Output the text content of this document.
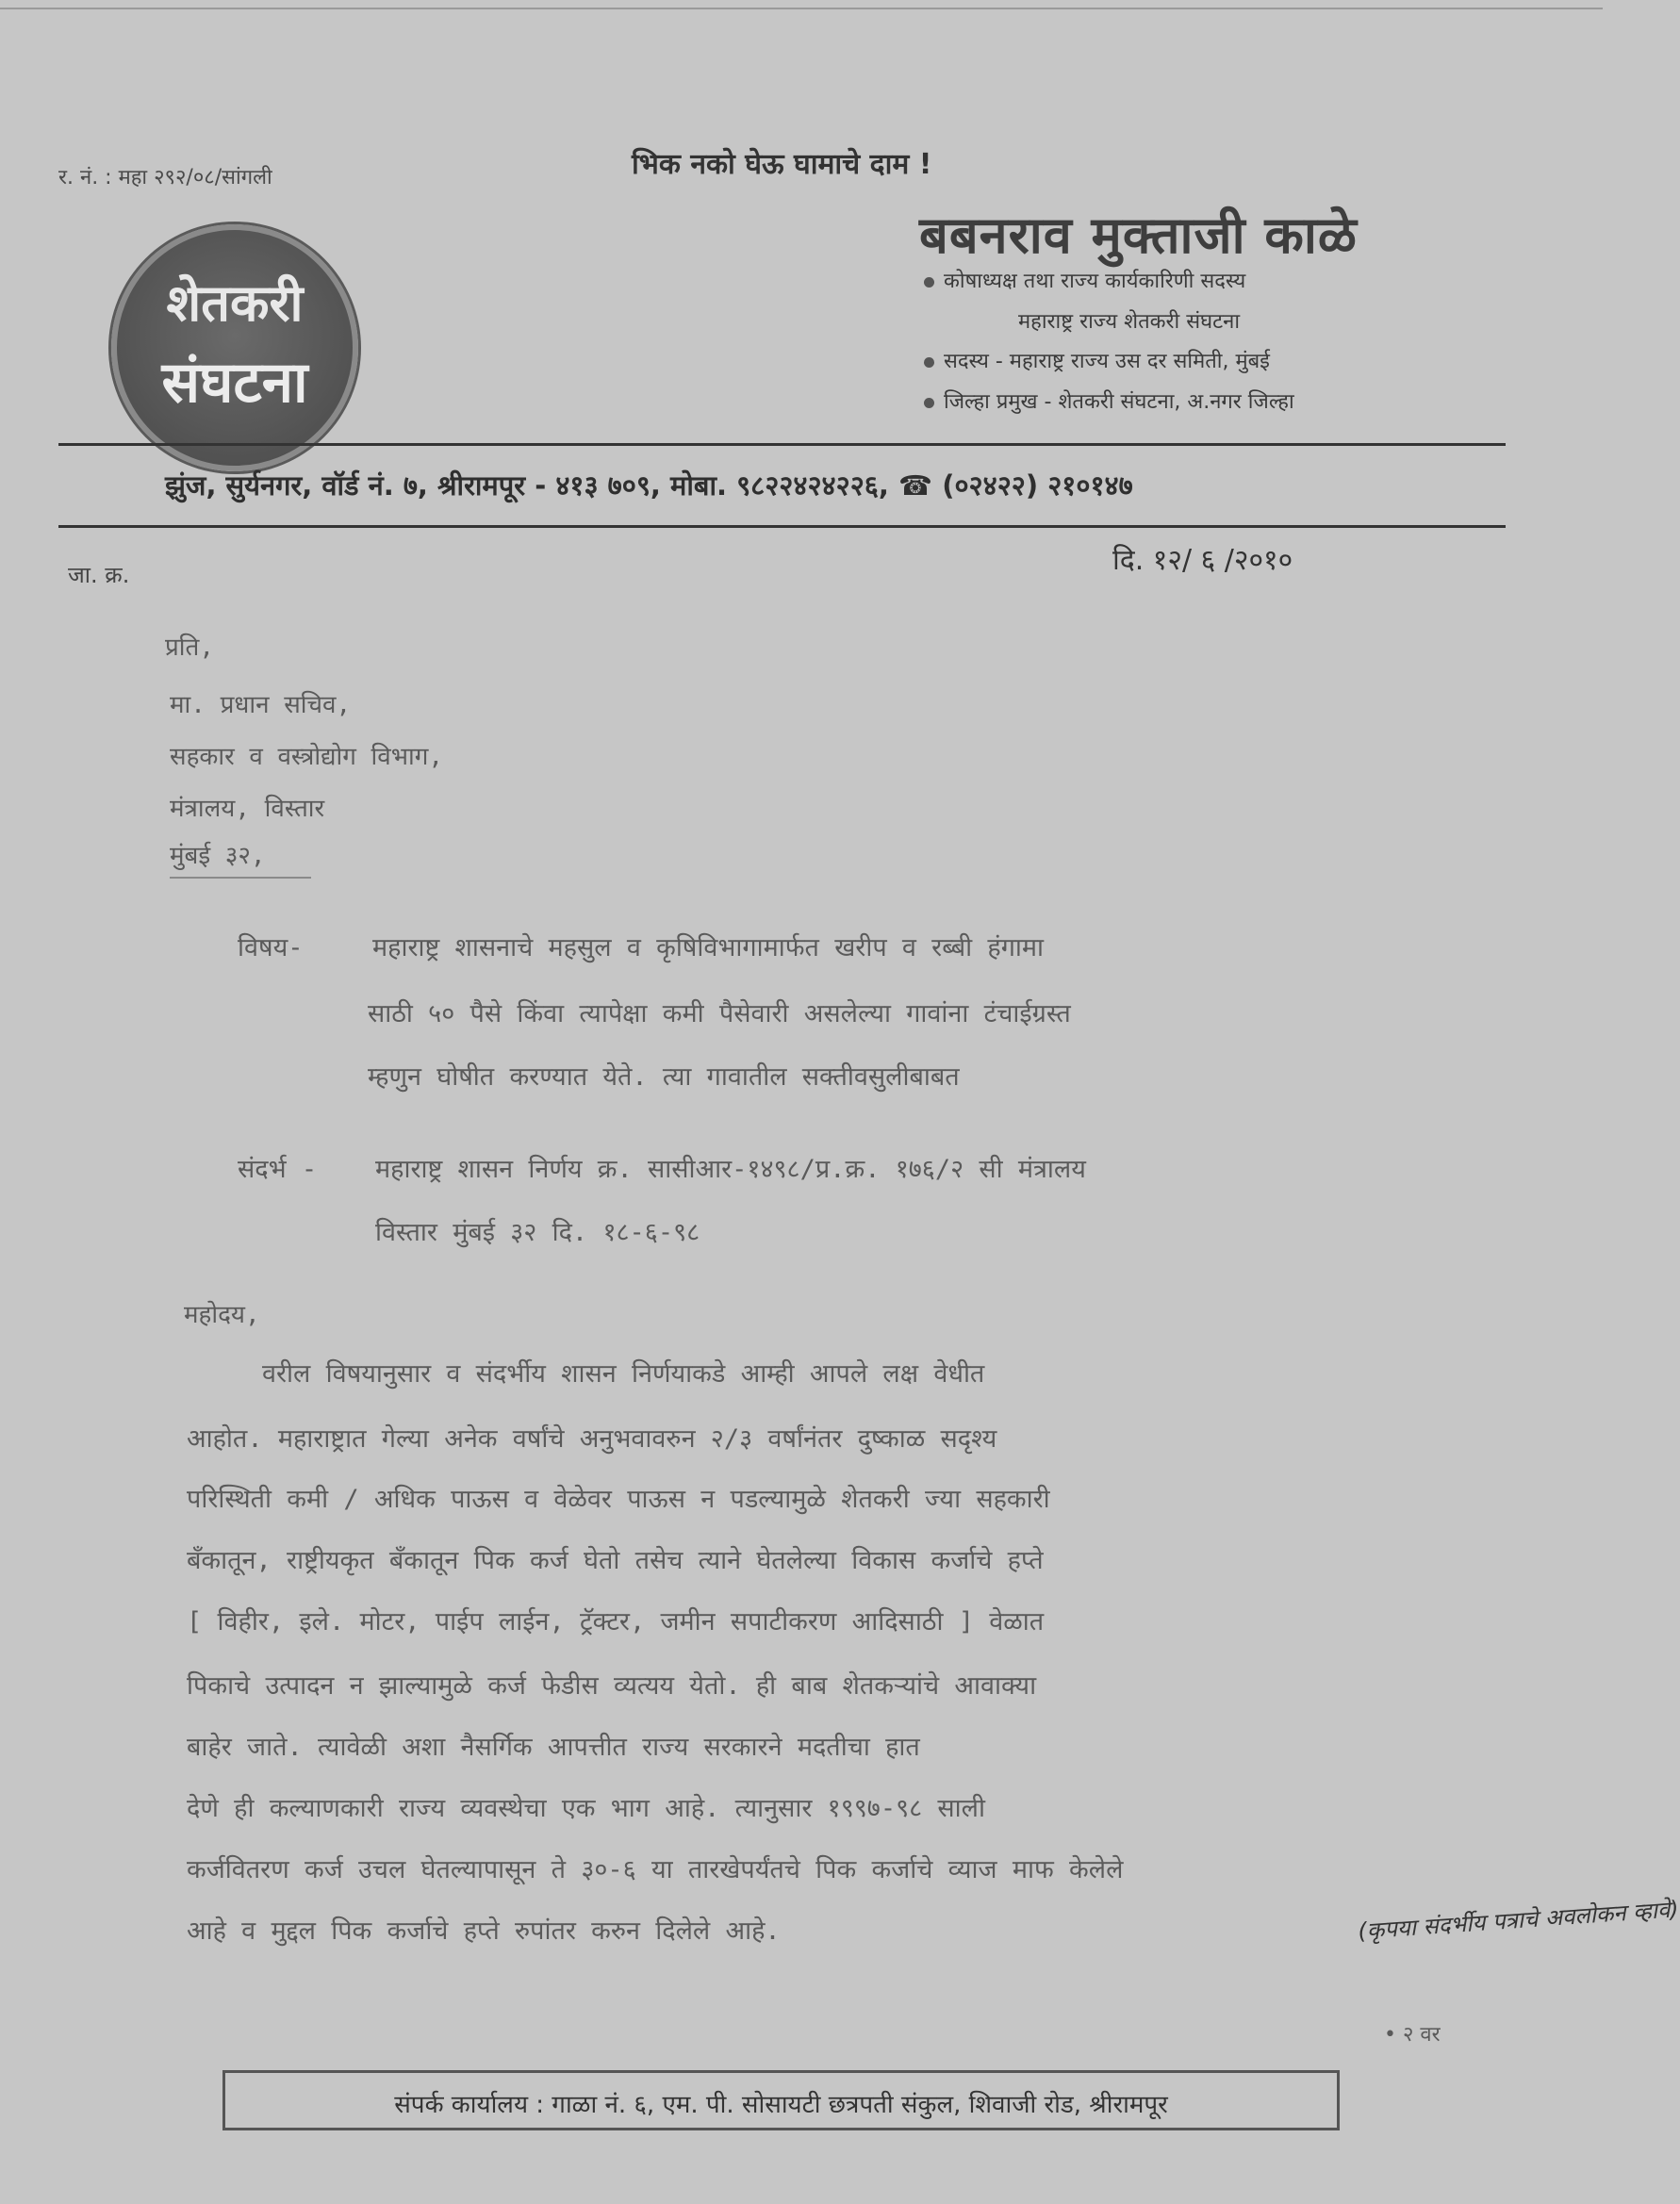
र. नं. : महा २९२/०८/सांगली	भिक नको घेऊ घामाचे दाम !
बबनराव मुक्ताजी काळे
कोषाध्यक्ष तथा राज्य कार्यकारिणी सदस्य
महाराष्ट्र राज्य शेतकरी संघटना
सदस्य - महाराष्ट्र राज्य उस दर समिती, मुंबई
जिल्हा प्रमुख - शेतकरी संघटना, अ.नगर जिल्हा
शेतकरी
संघटना
झुंज, सुर्यनगर, वॉर्ड नं. ७, श्रीरामपूर - ४१३ ७०९, मोबा. ९८२२४२४२२६, ☎ (०२४२२) २१०१४७
जा. क्र.	दि. १२/ ६ /२०१०
प्रति,
मा. प्रधान सचिव,
सहकार व वस्त्रोद्योग विभाग,
मंत्रालय, विस्तार
मुंबई ३२,
विषय-	महाराष्ट्र शासनाचे महसुल व कृषिविभागामार्फत खरीप व रब्बी हंगामा
साठी ५० पैसे किंवा त्यापेक्षा कमी पैसेवारी असलेल्या गावांना टंचाईग्रस्त
म्हणुन घोषीत करण्यात येते. त्या गावातील सक्तीवसुलीबाबत
संदर्भ - महाराष्ट्र शासन निर्णय क्र. सासीआर-१४९८/प्र.क्र. १७६/२ सी मंत्रालय
विस्तार मुंबई ३२ दि. १८-६-९८
महोदय,
वरील विषयानुसार व संदर्भीय शासन निर्णयाकडे आम्ही आपले लक्ष वेधीत
आहोत. महाराष्ट्रात गेल्या अनेक वर्षांचे अनुभवावरुन २/३ वर्षांनंतर दुष्काळ सदृश्य
परिस्थिती कमी / अधिक पाऊस व वेळेवर पाऊस न पडल्यामुळे शेतकरी ज्या सहकारी
बॅंकातून, राष्ट्रीयकृत बँकातून पिक कर्ज घेतो तसेच त्याने घेतलेल्या विकास कर्जाचे हप्ते
[ विहीर, इले. मोटर, पाईप लाईन, ट्रॅक्टर, जमीन सपाटीकरण आदिसाठी ] वेळात
पिकाचे उत्पादन न झाल्यामुळे कर्ज फेडीस व्यत्यय येतो. ही बाब शेतकऱ्यांचे आवाक्या
बाहेर जाते. त्यावेळी अशा नैसर्गिक आपत्तीत राज्य सरकारने मदतीचा हात
देणे ही कल्याणकारी राज्य व्यवस्थेचा एक भाग आहे. त्यानुसार १९९७-९८ साली
कर्जवितरण कर्ज उचल घेतल्यापासून ते ३०-६ या तारखेपर्यंतचे पिक कर्जाचे व्याज माफ केलेले
आहे व मुद्दल पिक कर्जाचे हप्ते रुपांतर करुन दिलेले आहे.	(कृपया संदर्भीय पत्राचे अवलोकन व्हावे)
• २ वर
संपर्क कार्यालय : गाळा नं. ६, एम. पी. सोसायटी छत्रपती संकुल, शिवाजी रोड, श्रीरामपूर
